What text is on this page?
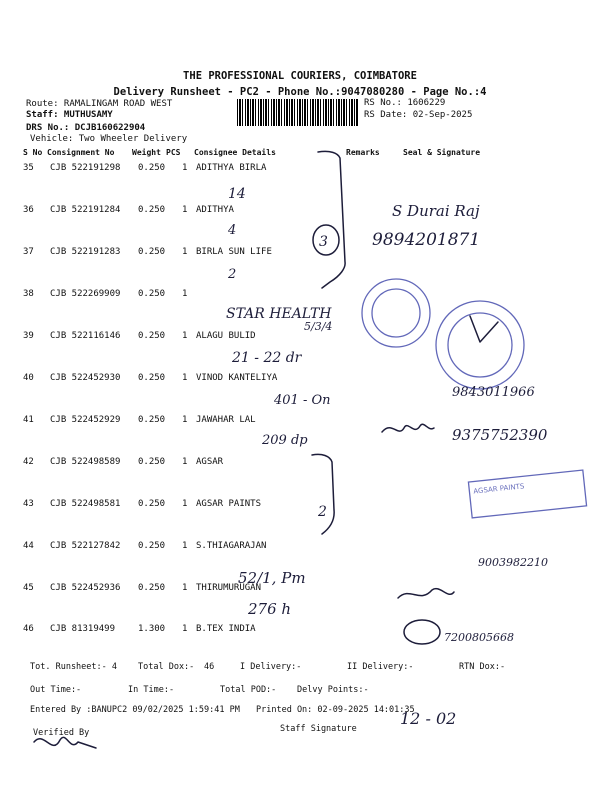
THE PROFESSIONAL COURIERS, COIMBATORE
Delivery Runsheet - PC2 - Phone No.:9047080280 - Page No.:4
Route: RAMALINGAM ROAD WEST
Staff: MUTHUSAMY
DRS No.: DCJB160622904
Vehicle: Two Wheeler Delivery
RS No.: 1606229
RS Date: 02-Sep-2025
S No Consignment No Weight PCS Consignee Details	Remarks	Seal & Signature
35 CJB 522191298 0.250 1 ADITHYA BIRLA
36 CJB 522191284 0.250 1 ADITHYA
37 CJB 522191283 0.250 1 BIRLA SUN LIFE
38 CJB 522269909 0.250 1
39 CJB 522116146 0.250 1 ALAGU BULID
40 CJB 522452930 0.250 1 VINOD KANTELIYA
41 CJB 522452929 0.250 1 JAWAHAR LAL
42 CJB 522498589 0.250 1 AGSAR
43 CJB 522498581 0.250 1 AGSAR PAINTS
44 CJB 522127842 0.250 1 S.THIAGARAJAN
45 CJB 522452936 0.250 1 THIRUMURUGAN
46 CJB 81319499	1.300 1 B.TEX INDIA
Tot. Runsheet:- 4 Total Dox:- 46	I Delivery:-	II Delivery:-	RTN Dox:-
Out Time:-	In Time:-	Total POD:- Delvy Points:-
Entered By :BANUPC2 09/02/2025 1:59:41 PM Printed On: 02-09-2025 14:01:35
Verified By	Staff Signature
AGSAR PAINTS
14
4
2
3
STAR HEALTH
5/3/4
21 - 22 dr
401 - On
209 dp
2
52/1, Pm
276 h
S Durai Raj
9894201871
9843011966
9375752390
9003982210
7200805668
12 - 02
